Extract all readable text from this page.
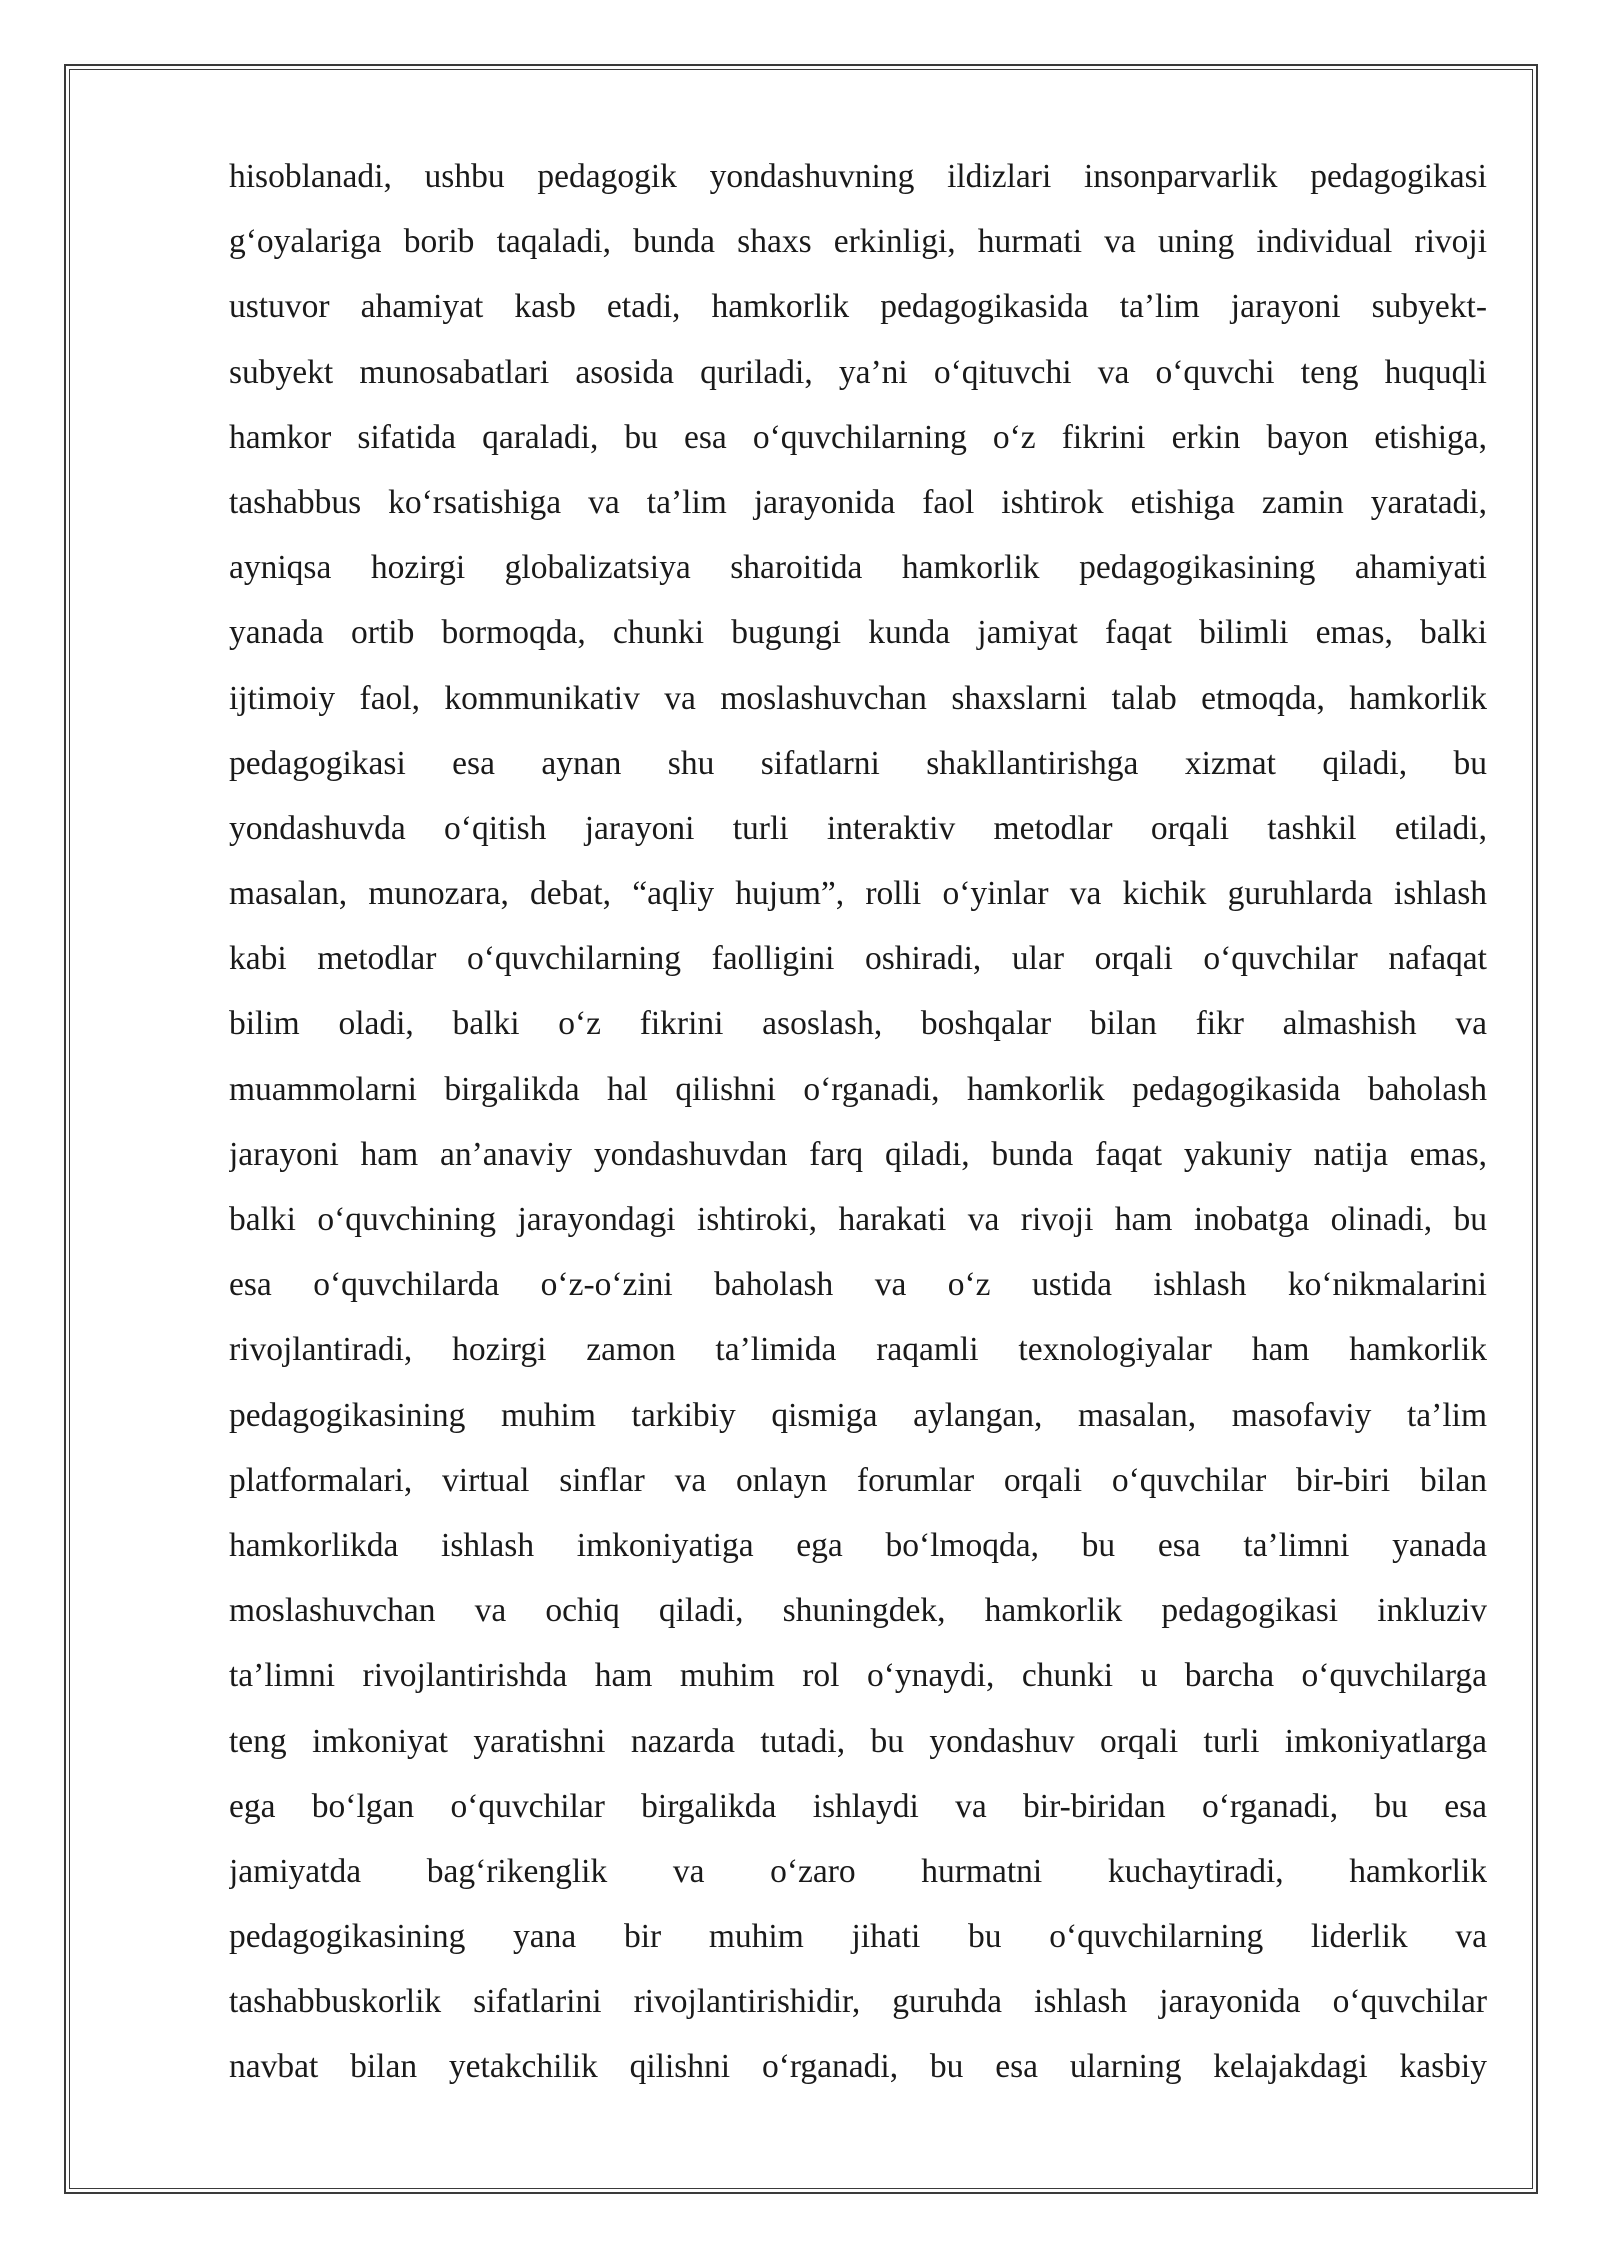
hisoblanadi, ushbu pedagogik yondashuvning ildizlari insonparvarlik pedagogikasi
g‘oyalariga borib taqaladi, bunda shaxs erkinligi, hurmati va uning individual rivoji
ustuvor ahamiyat kasb etadi, hamkorlik pedagogikasida ta’lim jarayoni subyekt-
subyekt munosabatlari asosida quriladi, ya’ni o‘qituvchi va o‘quvchi teng huquqli
hamkor sifatida qaraladi, bu esa o‘quvchilarning o‘z fikrini erkin bayon etishiga,
tashabbus ko‘rsatishiga va ta’lim jarayonida faol ishtirok etishiga zamin yaratadi,
ayniqsa hozirgi globalizatsiya sharoitida hamkorlik pedagogikasining ahamiyati
yanada ortib bormoqda, chunki bugungi kunda jamiyat faqat bilimli emas, balki
ijtimoiy faol, kommunikativ va moslashuvchan shaxslarni talab etmoqda, hamkorlik
pedagogikasi esa aynan shu sifatlarni shakllantirishga xizmat qiladi, bu
yondashuvda o‘qitish jarayoni turli interaktiv metodlar orqali tashkil etiladi,
masalan, munozara, debat, “aqliy hujum”, rolli o‘yinlar va kichik guruhlarda ishlash
kabi metodlar o‘quvchilarning faolligini oshiradi, ular orqali o‘quvchilar nafaqat
bilim oladi, balki o‘z fikrini asoslash, boshqalar bilan fikr almashish va
muammolarni birgalikda hal qilishni o‘rganadi, hamkorlik pedagogikasida baholash
jarayoni ham an’anaviy yondashuvdan farq qiladi, bunda faqat yakuniy natija emas,
balki o‘quvchining jarayondagi ishtiroki, harakati va rivoji ham inobatga olinadi, bu
esa o‘quvchilarda o‘z-o‘zini baholash va o‘z ustida ishlash ko‘nikmalarini
rivojlantiradi, hozirgi zamon ta’limida raqamli texnologiyalar ham hamkorlik
pedagogikasining muhim tarkibiy qismiga aylangan, masalan, masofaviy ta’lim
platformalari, virtual sinflar va onlayn forumlar orqali o‘quvchilar bir-biri bilan
hamkorlikda ishlash imkoniyatiga ega bo‘lmoqda, bu esa ta’limni yanada
moslashuvchan va ochiq qiladi, shuningdek, hamkorlik pedagogikasi inkluziv
ta’limni rivojlantirishda ham muhim rol o‘ynaydi, chunki u barcha o‘quvchilarga
teng imkoniyat yaratishni nazarda tutadi, bu yondashuv orqali turli imkoniyatlarga
ega bo‘lgan o‘quvchilar birgalikda ishlaydi va bir-biridan o‘rganadi, bu esa
jamiyatda bag‘rikenglik va o‘zaro hurmatni kuchaytiradi, hamkorlik
pedagogikasining yana bir muhim jihati bu o‘quvchilarning liderlik va
tashabbuskorlik sifatlarini rivojlantirishidir, guruhda ishlash jarayonida o‘quvchilar
navbat bilan yetakchilik qilishni o‘rganadi, bu esa ularning kelajakdagi kasbiy
